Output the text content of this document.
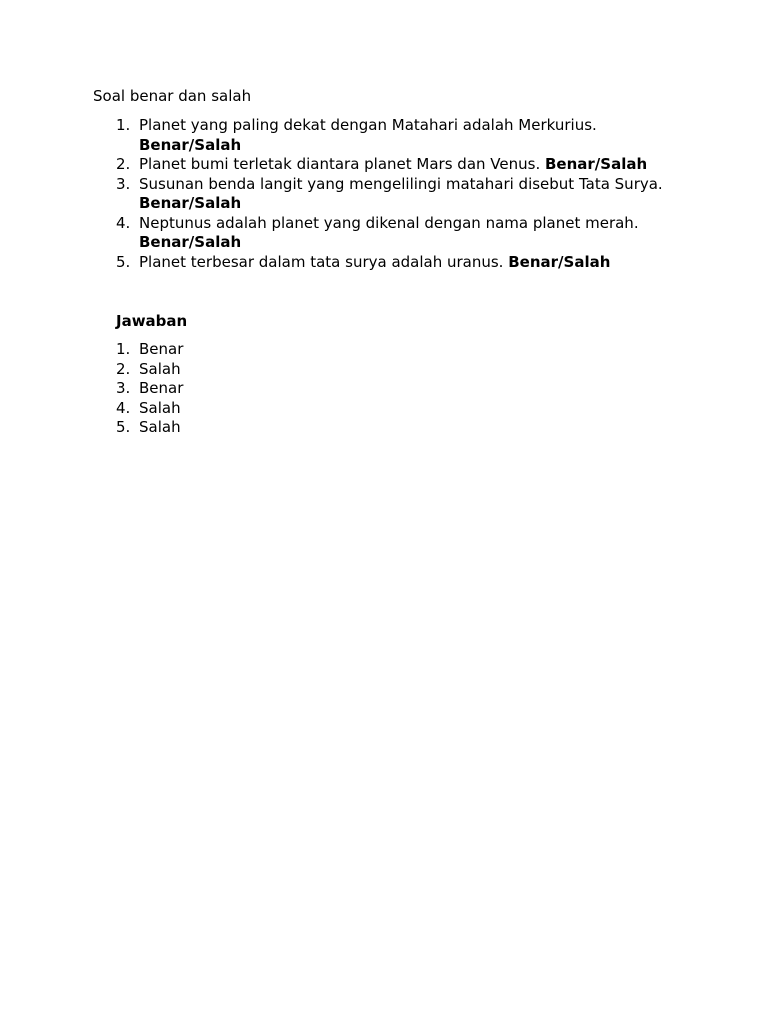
Soal benar dan salah
1. Planet yang paling dekat dengan Matahari adalah Merkurius.
Benar/Salah
2. Planet bumi terletak diantara planet Mars dan Venus. Benar/Salah
3. Susunan benda langit yang mengelilingi matahari disebut Tata Surya. Benar/Salah
4. Neptunus adalah planet yang dikenal dengan nama planet merah.
Benar/Salah
5. Planet terbesar dalam tata surya adalah uranus. Benar/Salah
Jawaban
1. Benar
2. Salah
3. Benar
4. Salah
5. Salah
